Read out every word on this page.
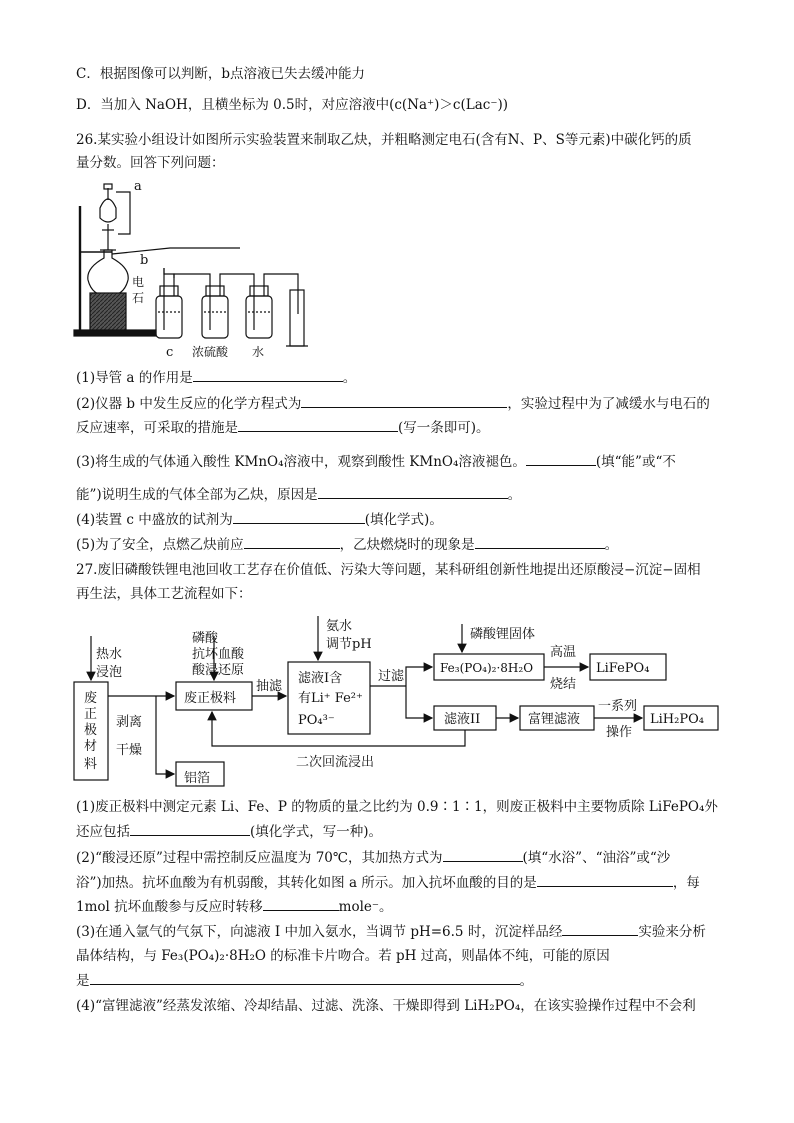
C．根据图像可以判断，b点溶液已失去缓冲能力
D．当加入 NaOH，且横坐标为 0.5时，对应溶液中(c(Na⁺)＞c(Lac⁻))
26.某实验小组设计如图所示实验装置来制取乙炔，并粗略测定电石(含有N、P、S等元素)中碳化钙的质
量分数。回答下列问题：
a
b
电
石
c 浓硫酸 水
(1)导管 a 的作用是	。
(2)仪器 b 中发生反应的化学方程式为	，实验过程中为了减缓水与电石的
反应速率，可采取的措施是	(写一条即可)。
(3)将生成的气体通入酸性 KMnO₄溶液中，观察到酸性 KMnO₄溶液褪色。	(填“能”或“不
能”)说明生成的气体全部为乙炔，原因是	。
(4)装置 c 中盛放的试剂为	(填化学式)。
(5)为了安全，点燃乙炔前应	，乙炔燃烧时的现象是	。
27.废旧磷酸铁锂电池回收工艺存在价值低、污染大等问题，某科研组创新性地提出还原酸浸−沉淀−固相
再生法，具体工艺流程如下：
热水
浸泡
废
正
极
材
料
剥离
干燥
铝箔
磷酸
抗坏血酸
酸浸还原
废正极料
抽滤
氨水
调节pH
滤液I含
有Li⁺ Fe²⁺
PO₄³⁻
过滤
磷酸锂固体
Fe₃(PO₄)₂·8H₂O
高温
烧结
LiFePO₄
滤液II	富锂滤液
一系列
操作
LiH₂PO₄
二次回流浸出
(1)废正极料中测定元素 Li、Fe、P 的物质的量之比约为 0.9∶1∶1，则废正极料中主要物质除 LiFePO₄外
还应包括	(填化学式，写一种)。
(2)“酸浸还原”过程中需控制反应温度为 70℃，其加热方式为	(填“水浴”、“油浴”或“沙
浴”)加热。抗坏血酸为有机弱酸，其转化如图 a 所示。加入抗坏血酸的目的是	，每
1mol 抗坏血酸参与反应时转移	mole⁻。
(3)在通入氩气的气氛下，向滤液 I 中加入氨水，当调节 pH=6.5 时，沉淀样品经	实验来分析
晶体结构，与 Fe₃(PO₄)₂·8H₂O 的标准卡片吻合。若 pH 过高，则晶体不纯，可能的原因
是	。
(4)“富锂滤液”经蒸发浓缩、冷却结晶、过滤、洗涤、干燥即得到 LiH₂PO₄，在该实验操作过程中不会利
